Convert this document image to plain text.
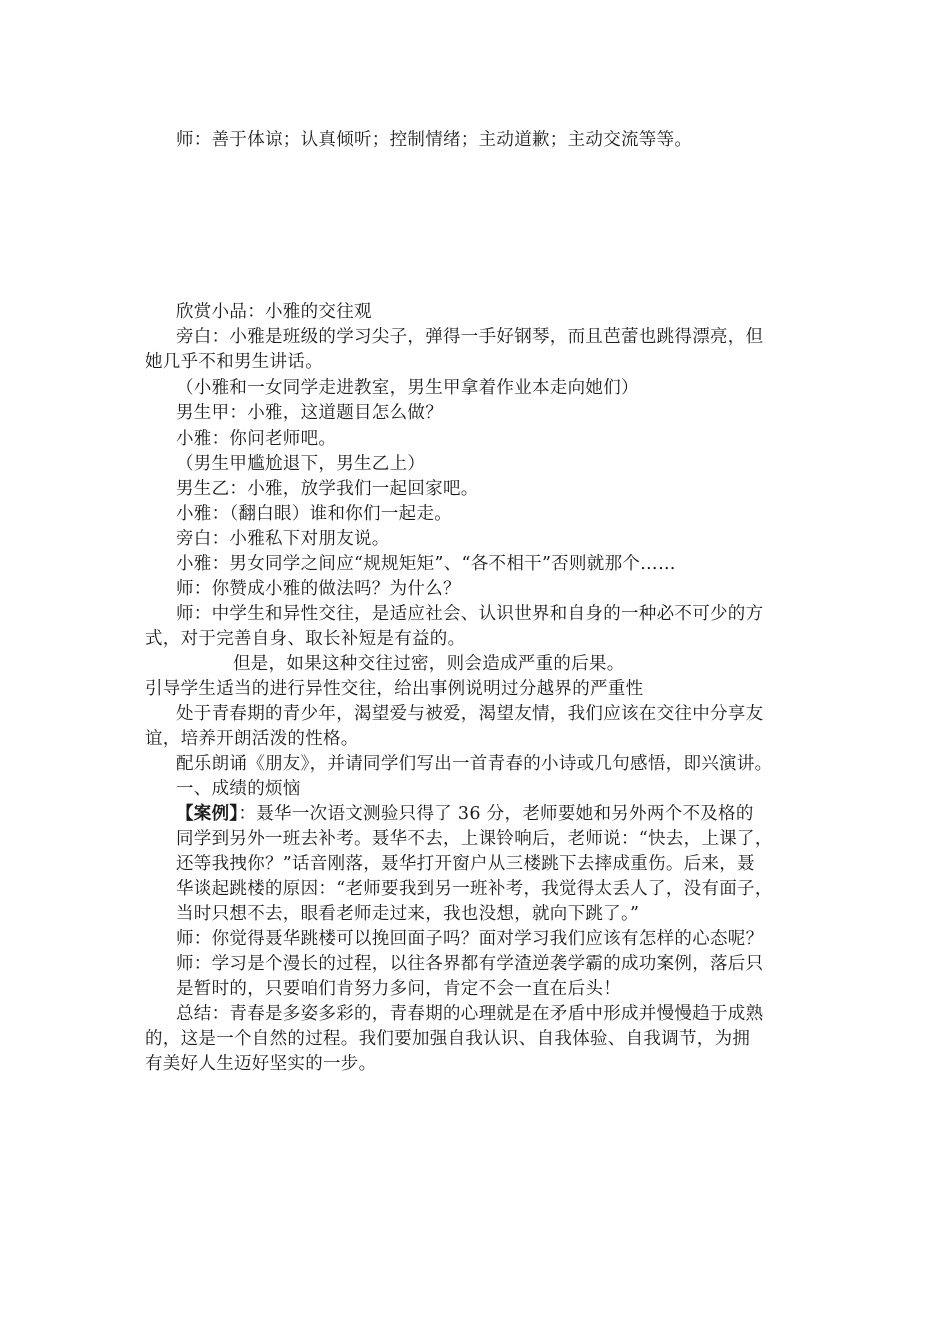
师：善于体谅；认真倾听；控制情绪；主动道歉；主动交流等等。
欣赏小品：小雅的交往观
旁白：小雅是班级的学习尖子，弹得一手好钢琴，而且芭蕾也跳得漂亮，但
她几乎不和男生讲话。
（小雅和一女同学走进教室，男生甲拿着作业本走向她们）
男生甲：小雅，这道题目怎么做？
小雅：你问老师吧。
（男生甲尴尬退下，男生乙上）
男生乙：小雅，放学我们一起回家吧。
小雅：（翻白眼）谁和你们一起走。
旁白：小雅私下对朋友说。
小雅：男女同学之间应“规规矩矩”、“各不相干”否则就那个……
师：你赞成小雅的做法吗？为什么？
师：中学生和异性交往，是适应社会、认识世界和自身的一种必不可少的方
式，对于完善自身、取长补短是有益的。
但是，如果这种交往过密，则会造成严重的后果。
引导学生适当的进行异性交往，给出事例说明过分越界的严重性
处于青春期的青少年，渴望爱与被爱，渴望友情，我们应该在交往中分享友
谊，培养开朗活泼的性格。
配乐朗诵《朋友》，并请同学们写出一首青春的小诗或几句感悟，即兴演讲。
一、成绩的烦恼
【案例】：聂华一次语文测验只得了 36 分，老师要她和另外两个不及格的
同学到另外一班去补考。聂华不去，上课铃响后，老师说：“快去，上课了，
还等我拽你？”话音刚落，聂华打开窗户从三楼跳下去摔成重伤。后来，聂
华谈起跳楼的原因：“老师要我到另一班补考，我觉得太丢人了，没有面子，
当时只想不去，眼看老师走过来，我也没想，就向下跳了。”
师：你觉得聂华跳楼可以挽回面子吗？面对学习我们应该有怎样的心态呢？
师：学习是个漫长的过程，以往各界都有学渣逆袭学霸的成功案例，落后只
是暂时的，只要咱们肯努力多问，肯定不会一直在后头！
总结：青春是多姿多彩的，青春期的心理就是在矛盾中形成并慢慢趋于成熟
的，这是一个自然的过程。我们要加强自我认识、自我体验、自我调节，为拥
有美好人生迈好坚实的一步。
